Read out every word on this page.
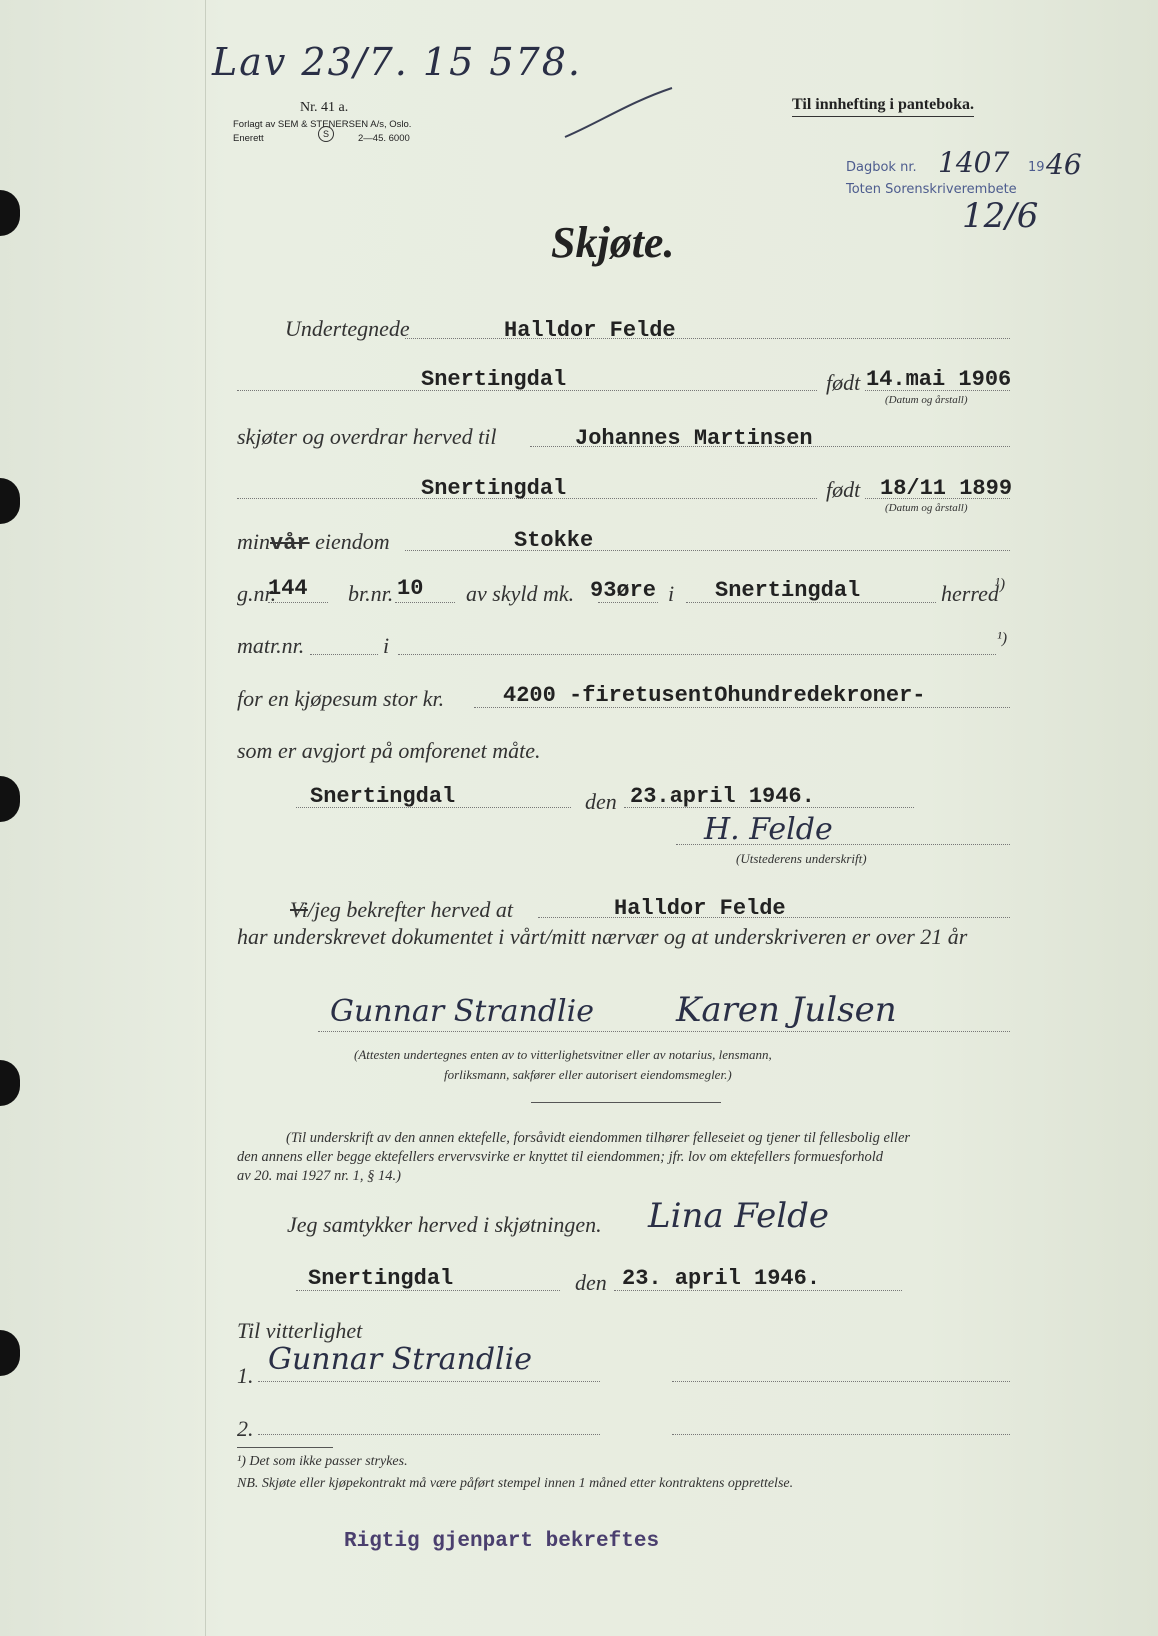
Lav 23/7. 15 578.
Nr. 41 a.
Forlagt av SEM & STENERSEN A/s, Oslo.
Enerett	S	2—45. 6000
Til innhefting i panteboka.
Dagbok nr. 1407 19 46
Toten Sorenskriverembete
12/6
Skjøte.
Undertegnede	Halldor Felde
Snertingdal	født 14.mai 1906
(Datum og årstall)
skjøter og overdrar herved til	Johannes Martinsen
Snertingdal	født 18/11 1899
(Datum og årstall)
minvår eiendom	Stokke
g.nr.
144 br.nr. 10 av skyld mk. 93øre i Snertingdal	herred
¹)
matr.nr.	i	¹)
for en kjøpesum stor kr.	4200 -firetusentOhundredekroner-
som er avgjort på omforenet måte.
Snertingdal	den 23.april 1946.
H. Felde
(Utstederens underskrift)
Vi/jeg bekrefter herved at	Halldor Felde
har underskrevet dokumentet i vårt/mitt nærvær og at underskriveren er over 21 år
Gunnar Strandlie Karen Julsen
(Attesten undertegnes enten av to vitterlighetsvitner eller av notarius, lensmann,
forliksmann, sakfører eller autorisert eiendomsmegler.)
(Til underskrift av den annen ektefelle, forsåvidt eiendommen tilhører felleseiet og tjener til fellesbolig eller
den annens eller begge ektefellers ervervsvirke er knyttet til eiendommen; jfr. lov om ektefellers formuesforhold
av 20. mai 1927 nr. 1, § 14.)
Jeg samtykker herved i skjøtningen. Lina Felde
Snertingdal	den 23. april 1946.
Til vitterlighet
1. Gunnar Strandlie
2.
¹) Det som ikke passer strykes.
NB. Skjøte eller kjøpekontrakt må være påført stempel innen 1 måned etter kontraktens opprettelse.
Rigtig gjenpart bekreftes
